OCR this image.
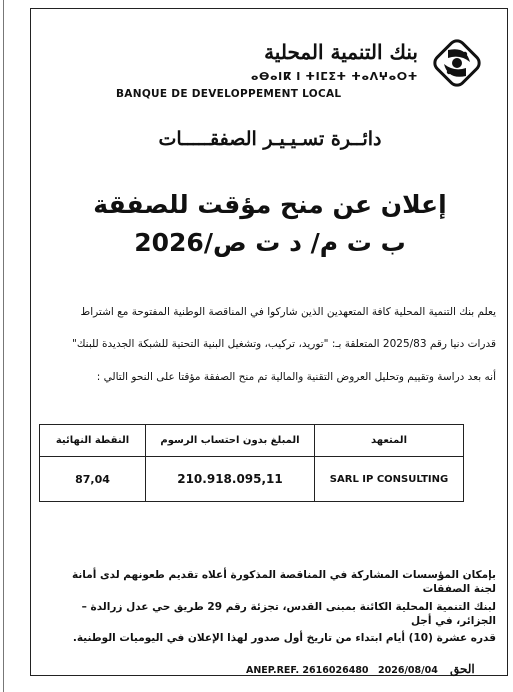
بنك التنمية المحلية
ⴰⴱⴰⵏⴽ ⵏ ⵜⵏⵎⵉⵜ ⵜⴰⴷⵖⴰⵔⵜ
BANQUE DE DEVELOPPEMENT LOCAL
دائــرة تسـيـيـر الصفقـــــات
إعلان عن منح مؤقت للصفقة
ب ت م/ د ت ص/2026
يعلم بنك التنمية المحلية كافة المتعهدين الذين شاركوا في المناقصة الوطنية المفتوحة مع اشتراط
قدرات دنيا رقم 2025/83 المتعلقة بـ: "توريد، تركيب، وتشغيل البنية التحتية للشبكة الجديدة للبنك"
أنه بعد دراسة وتقييم وتحليل العروض التقنية والمالية تم منح الصفقة مؤقتا على النحو التالي :
النقطة النهائية	المبلغ بدون احتساب الرسوم	المتعهد
87,04	210.918.095,11	SARL IP CONSULTING
بإمكان المؤسسات المشاركة في المناقصة المذكورة أعلاه تقديم طعونهم لدى أمانة لجنة الصفقات
لبنك التنمية المحلية الكائنة بمبنى القدس، تجزئة رقم 29 طريق حي عدل زرالدة – الجزائر، في أجل
قدره عشرة (10) أيام ابتداء من تاريخ أول صدور لهذا الإعلان في اليوميات الوطنية.
ANEP.REF. 2616026480 2026/08/04 الحق
